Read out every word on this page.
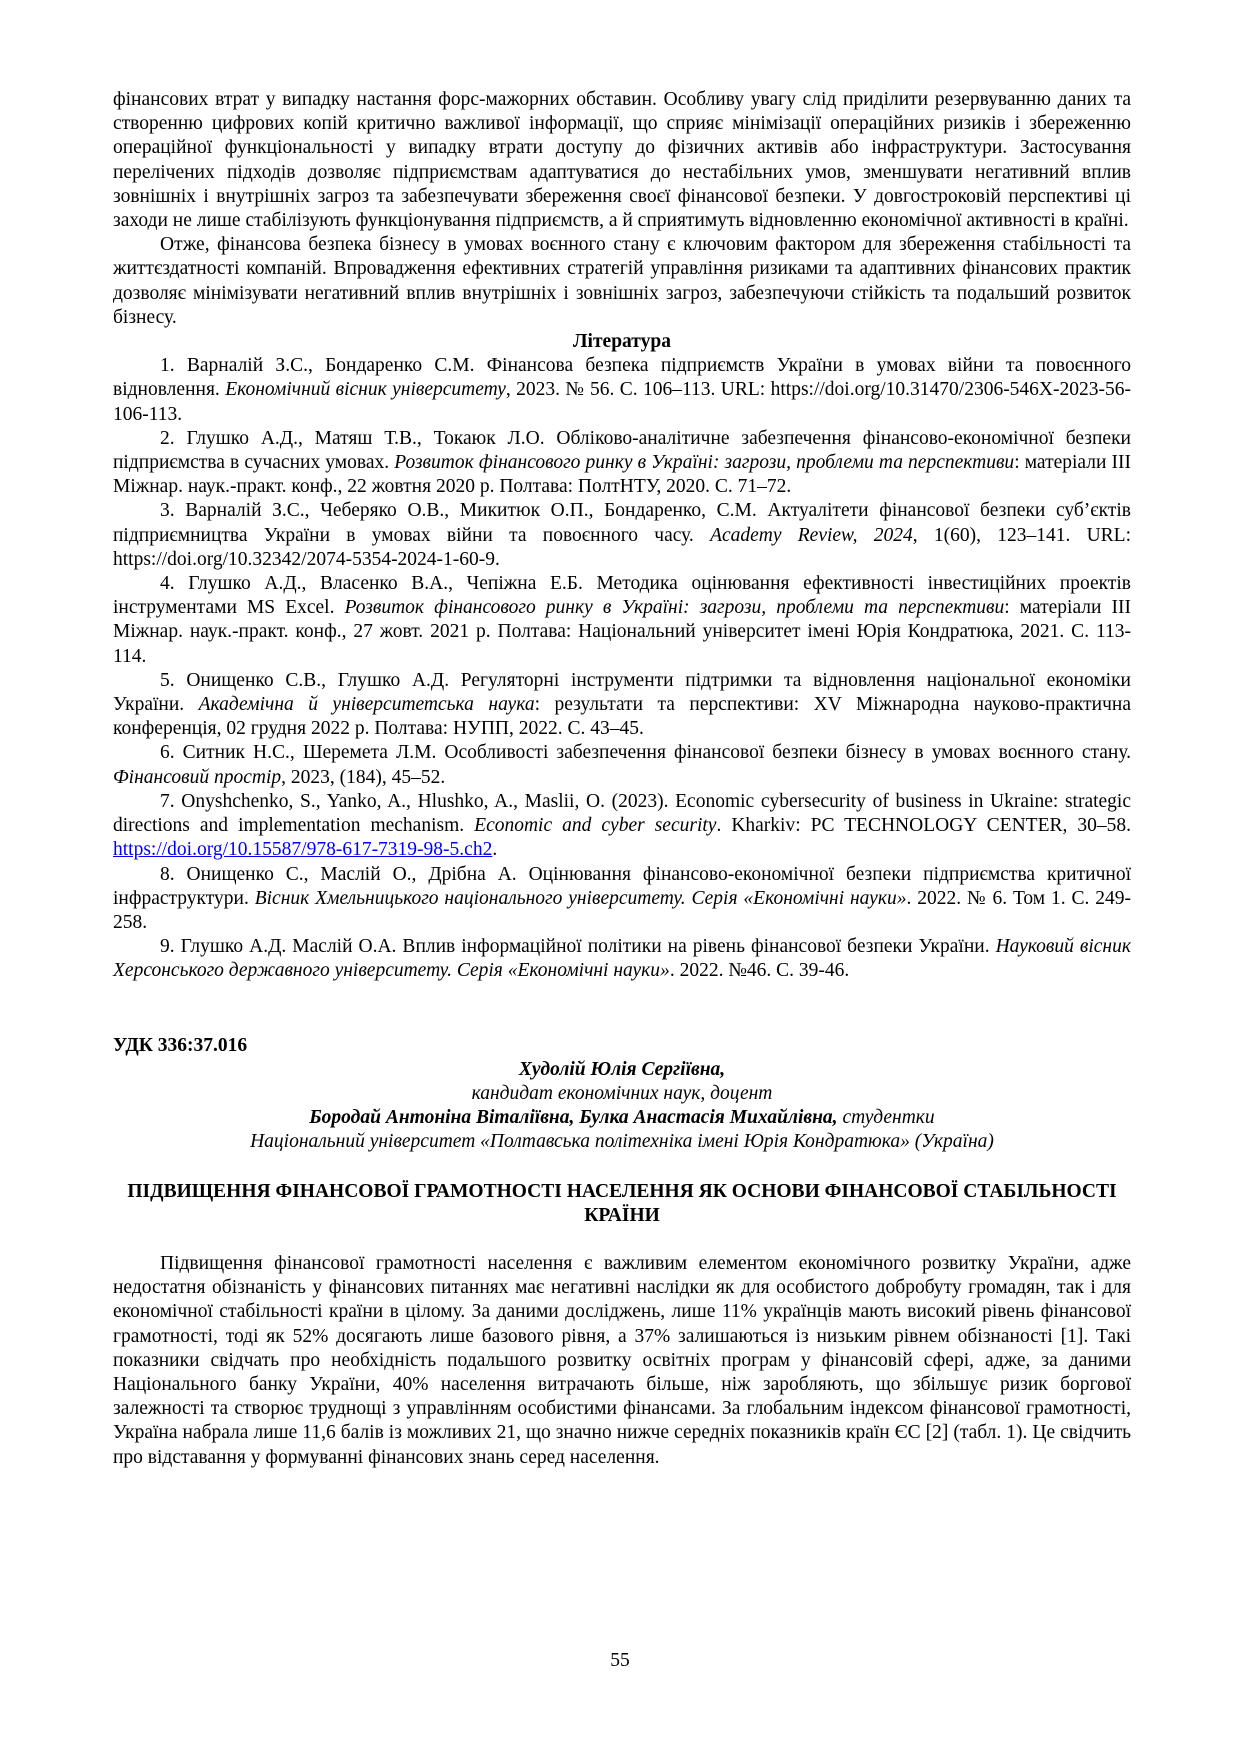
фінансових втрат у випадку настання форс-мажорних обставин. Особливу увагу слід приділити резервуванню даних та створенню цифрових копій критично важливої інформації, що сприяє мінімізації операційних ризиків і збереженню операційної функціональності у випадку втрати доступу до фізичних активів або інфраструктури. Застосування перелічених підходів дозволяє підприємствам адаптуватися до нестабільних умов, зменшувати негативний вплив зовнішніх і внутрішніх загроз та забезпечувати збереження своєї фінансової безпеки. У довгостроковій перспективі ці заходи не лише стабілізують функціонування підприємств, а й сприятимуть відновленню економічної активності в країні.

Отже, фінансова безпека бізнесу в умовах воєнного стану є ключовим фактором для збереження стабільності та життєздатності компаній. Впровадження ефективних стратегій управління ризиками та адаптивних фінансових практик дозволяє мінімізувати негативний вплив внутрішніх і зовнішніх загроз, забезпечуючи стійкість та подальший розвиток бізнесу.

Література

1. Варналій З.С., Бондаренко С.М. Фінансова безпека підприємств України в умовах війни та повоєнного відновлення. Економічний вісник університету, 2023. № 56. С. 106–113. URL: https://doi.org/10.31470/2306-546X-2023-56-106-113.

2. Глушко А.Д., Матяш Т.В., Токаюк Л.О. Обліково-аналітичне забезпечення фінансово-економічної безпеки підприємства в сучасних умовах. Розвиток фінансового ринку в Україні: загрози, проблеми та перспективи: матеріали ІІІ Міжнар. наук.-практ. конф., 22 жовтня 2020 р. Полтава: ПолтНТУ, 2020. С. 71–72.

3. Варналій З.С., Чеберяко О.В., Микитюк О.П., Бондаренко, С.М. Актуалітети фінансової безпеки суб’єктів підприємництва України в умовах війни та повоєнного часу. Academy Review, 2024, 1(60), 123–141. URL: https://doi.org/10.32342/2074-5354-2024-1-60-9.

4. Глушко А.Д., Власенко В.А., Чепіжна Е.Б. Методика оцінювання ефективності інвестиційних проектів інструментами MS Excel. Розвиток фінансового ринку в Україні: загрози, проблеми та перспективи: матеріали ІІІ Міжнар. наук.-практ. конф., 27 жовт. 2021 р. Полтава: Національний університет імені Юрія Кондратюка, 2021. С. 113-114.

5. Онищенко С.В., Глушко А.Д. Регуляторні інструменти підтримки та відновлення національної економіки України. Академічна й університетська наука: результати та перспективи: XV Міжнародна науково-практична конференція, 02 грудня 2022 р. Полтава: НУПП, 2022. С. 43–45.

6. Ситник Н.С., Шеремета Л.М. Особливості забезпечення фінансової безпеки бізнесу в умовах воєнного стану. Фінансовий простір, 2023, (184), 45–52.

7. Onyshchenko, S., Yanko, A., Hlushko, A., Maslii, O. (2023). Economic cybersecurity of business in Ukraine: strategic directions and implementation mechanism. Economic and cyber security. Kharkiv: PC TECHNOLOGY CENTER, 30–58. https://doi.org/10.15587/978-617-7319-98-5.ch2.

8. Онищенко С., Маслій О., Дрібна А. Оцінювання фінансово-економічної безпеки підприємства критичної інфраструктури. Вісник Хмельницького національного університету. Серія «Економічні науки». 2022. № 6. Том 1. С. 249-258.

9. Глушко А.Д. Маслій О.А. Вплив інформаційної політики на рівень фінансової безпеки України. Науковий вісник Херсонського державного університету. Серія «Економічні науки». 2022. №46. С. 39-46.

УДК 336:37.016

Худолій Юлія Сергіївна,

кандидат економічних наук, доцент

Бородай Антоніна Віталіївна, Булка Анастасія Михайлівна, студентки

Національний університет «Полтавська політехніка імені Юрія Кондратюка» (Україна)

ПІДВИЩЕННЯ ФІНАНСОВОЇ ГРАМОТНОСТІ НАСЕЛЕННЯ ЯК ОСНОВИ ФІНАНСОВОЇ СТАБІЛЬНОСТІ КРАЇНИ

Підвищення фінансової грамотності населення є важливим елементом економічного розвитку України, адже недостатня обізнаність у фінансових питаннях має негативні наслідки як для особистого добробуту громадян, так і для економічної стабільності країни в цілому. За даними досліджень, лише 11% українців мають високий рівень фінансової грамотності, тоді як 52% досягають лише базового рівня, а 37% залишаються із низьким рівнем обізнаності [1]. Такі показники свідчать про необхідність подальшого розвитку освітніх програм у фінансовій сфері, адже, за даними Національного банку України, 40% населення витрачають більше, ніж заробляють, що збільшує ризик боргової залежності та створює труднощі з управлінням особистими фінансами. За глобальним індексом фінансової грамотності, Україна набрала лише 11,6 балів із можливих 21, що значно нижче середніх показників країн ЄС [2] (табл. 1). Це свідчить про відставання у формуванні фінансових знань серед населення.

55
